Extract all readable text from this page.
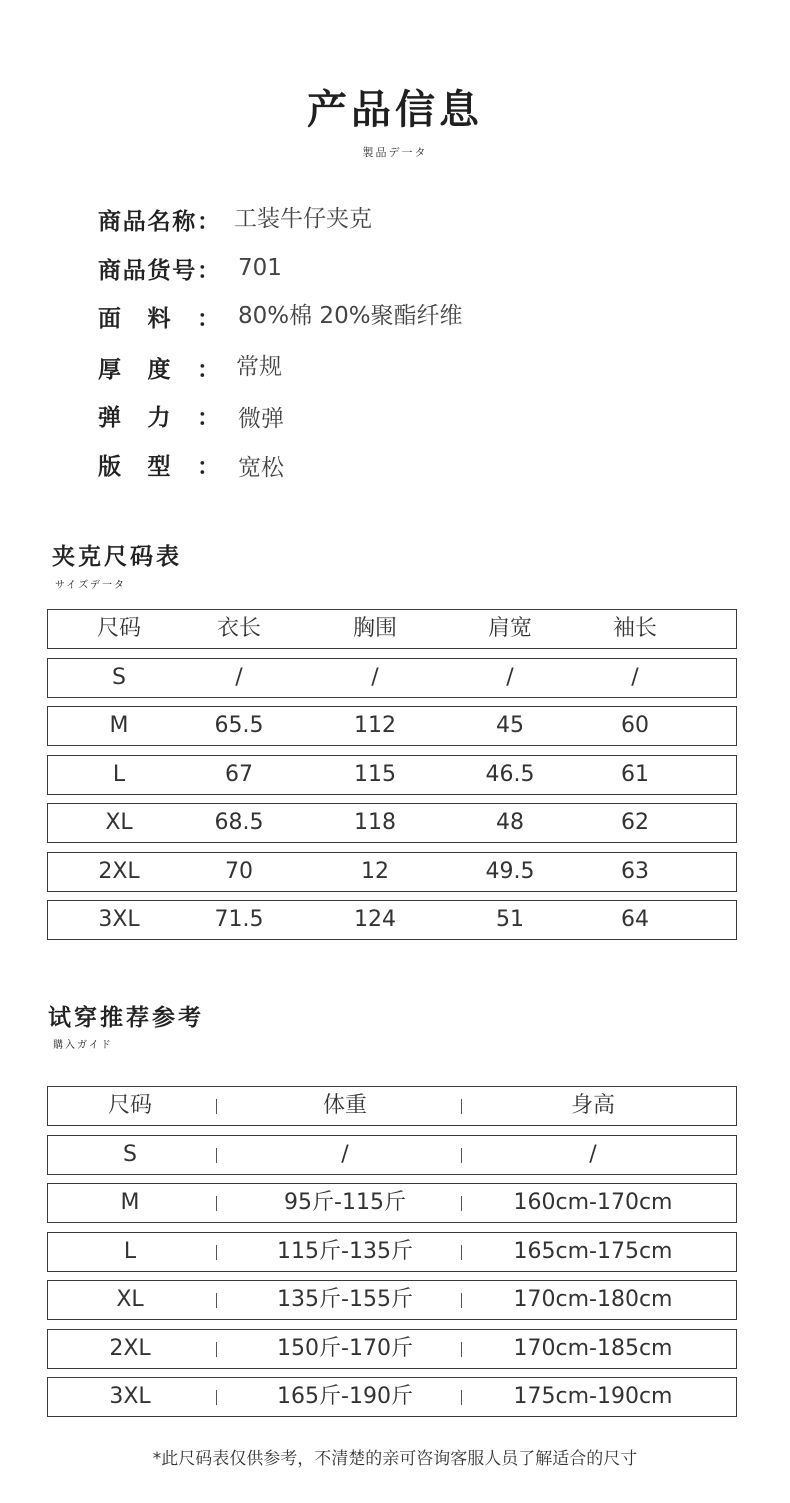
产品信息
製品デ一タ
商 品 名 称 ： 工装牛仔夹克
商 品 货 号 ： 701
面 料 ： 80%棉 20%聚酯纤维
厚 度 ： 常规
弹 力 ： 微弹
版 型 ： 宽松
夹克尺码表
サイズデ一タ
尺码	衣长	胸围	肩宽	袖长
S	/	/	/	/
M	65.5	112	45	60
L	67	115	46.5	61
XL	68.5	118	48	62
2XL	70	12	49.5	63
3XL	71.5	124	51	64
试穿推荐参考
購入ガイド
尺码	体重	身高
S	/	/
M	95斤-115斤	160cm-170cm
L	115斤-135斤	165cm-175cm
XL	135斤-155斤	170cm-180cm
2XL	150斤-170斤	170cm-185cm
3XL	165斤-190斤	175cm-190cm
*此尺码表仅供参考，不清楚的亲可咨询客服人员了解适合的尺寸
